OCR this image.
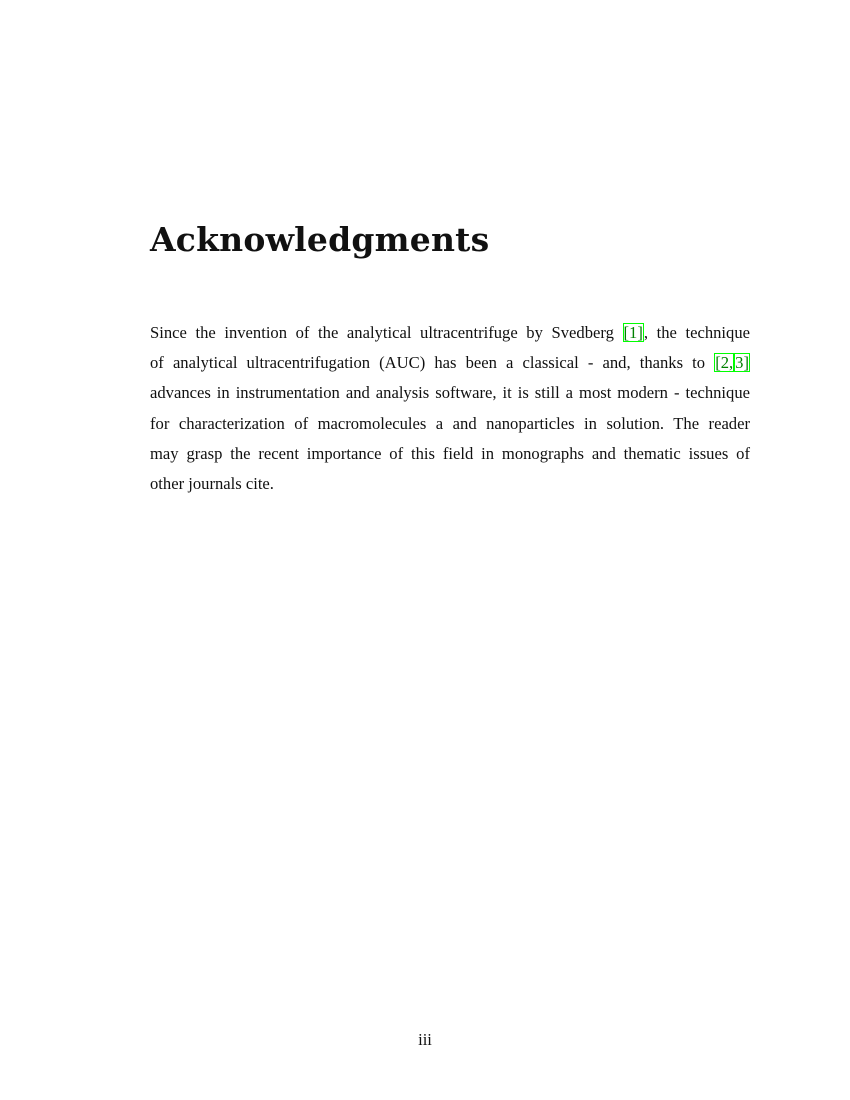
Acknowledgments
Since the invention of the analytical ultracentrifuge by Svedberg [1], the technique
of analytical ultracentrifugation (AUC) has been a classical - and, thanks to [2, 3]
advances in instrumentation and analysis software, it is still a most modern - technique
for characterization of macromolecules a and nanoparticles in solution. The reader
may grasp the recent importance of this field in monographs and thematic issues of
other journals cite.
iii
